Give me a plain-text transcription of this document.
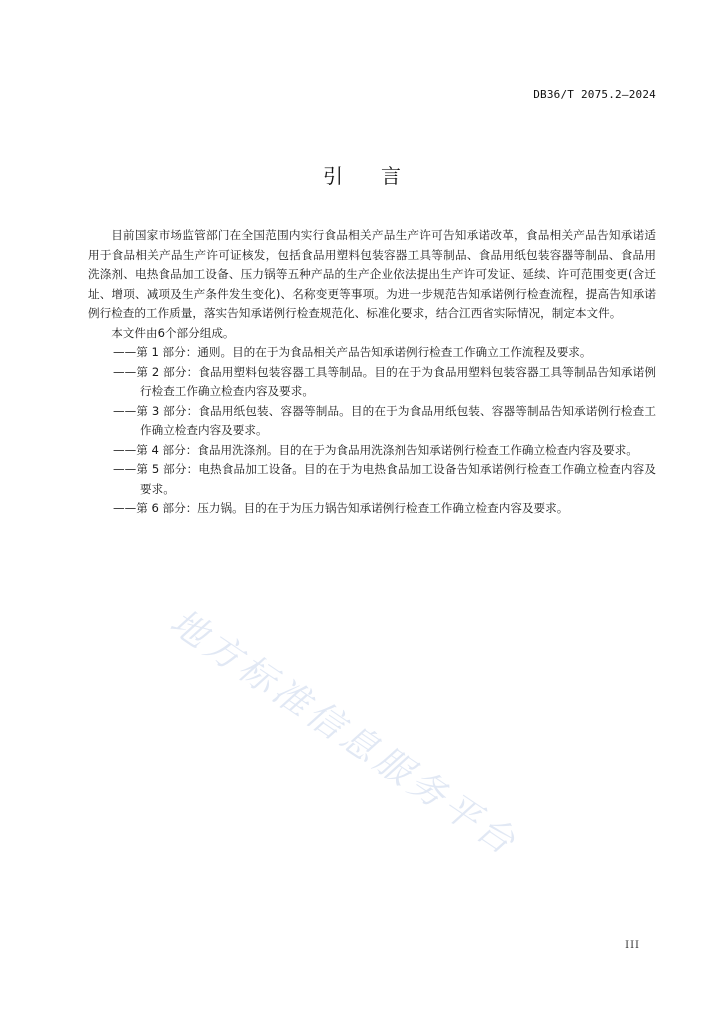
DB36/T 2075.2—2024
引言

目前国家市场监管部门在全国范围内实行食品相关产品生产许可告知承诺改革，食品相关产品告知承诺适用于食品相关产品生产许可证核发，包括食品用塑料包装容器工具等制品、食品用纸包装容器等制品、食品用洗涤剂、电热食品加工设备、压力锅等五种产品的生产企业依法提出生产许可发证、延续、许可范围变更(含迁址、增项、减项及生产条件发生变化)、名称变更等事项。为进一步规范告知承诺例行检查流程，提高告知承诺例行检查的工作质量，落实告知承诺例行检查规范化、标准化要求，结合江西省实际情况，制定本文件。

本文件由6个部分组成。

——第 1 部分：通则。目的在于为食品相关产品告知承诺例行检查工作确立工作流程及要求。
——第 2 部分：食品用塑料包装容器工具等制品。目的在于为食品用塑料包装容器工具等制品告知承诺例行检查工作确立检查内容及要求。
——第 3 部分：食品用纸包装、容器等制品。目的在于为食品用纸包装、容器等制品告知承诺例行检查工作确立检查内容及要求。
——第 4 部分：食品用洗涤剂。目的在于为食品用洗涤剂告知承诺例行检查工作确立检查内容及要求。
——第 5 部分：电热食品加工设备。目的在于为电热食品加工设备告知承诺例行检查工作确立检查内容及要求。
——第 6 部分：压力锅。目的在于为压力锅告知承诺例行检查工作确立检查内容及要求。
地方标准信息服务平台
III
